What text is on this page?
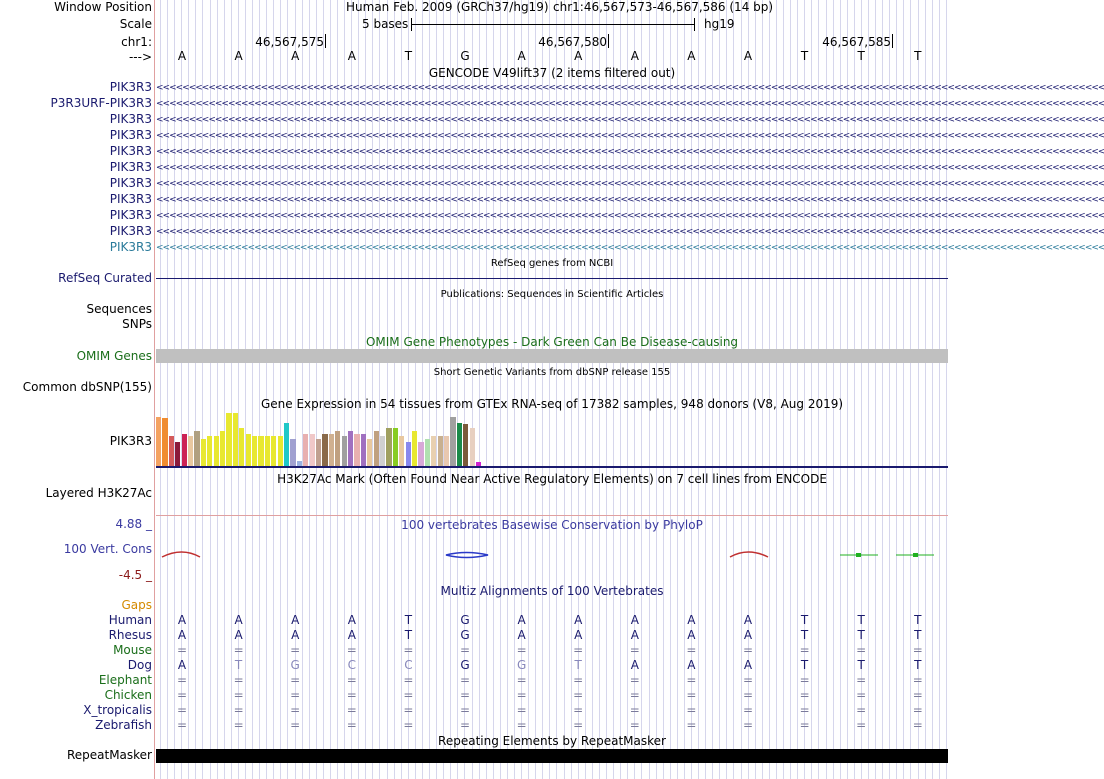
Window Position	Human Feb. 2009 (GRCh37/hg19) chr1:46,567,573-46,567,586 (14 bp)
Scale	5 bases	hg19
chr1:	46,567,575	46,567,580	46,567,585
--->	A	A	A	A	T	G	A	A	A	A	A	T	T	T
GENCODE V49lift37 (2 items filtered out)
PIK3R3 <<<<<<<<<<<<<<<<<<<<<<<<<<<<<<<<<<<<<<<<<<<<<<<<<<<<<<<<<<<<<<<<<<<<<<<<<<<<<<<<<<<<<<<<<<<<<<<<<<<<<<<<<<<<<<<<<<<<<<<<<<<<<<<<<<<<<<<<<<<<<<<<<
P3R3URF-PIK3R3 <<<<<<<<<<<<<<<<<<<<<<<<<<<<<<<<<<<<<<<<<<<<<<<<<<<<<<<<<<<<<<<<<<<<<<<<<<<<<<<<<<<<<<<<<<<<<<<<<<<<<<<<<<<<<<<<<<<<<<<<<<<<<<<<<<<<<<<<<<<<<<<<<
PIK3R3 <<<<<<<<<<<<<<<<<<<<<<<<<<<<<<<<<<<<<<<<<<<<<<<<<<<<<<<<<<<<<<<<<<<<<<<<<<<<<<<<<<<<<<<<<<<<<<<<<<<<<<<<<<<<<<<<<<<<<<<<<<<<<<<<<<<<<<<<<<<<<<<<<
PIK3R3 <<<<<<<<<<<<<<<<<<<<<<<<<<<<<<<<<<<<<<<<<<<<<<<<<<<<<<<<<<<<<<<<<<<<<<<<<<<<<<<<<<<<<<<<<<<<<<<<<<<<<<<<<<<<<<<<<<<<<<<<<<<<<<<<<<<<<<<<<<<<<<<<<
PIK3R3 <<<<<<<<<<<<<<<<<<<<<<<<<<<<<<<<<<<<<<<<<<<<<<<<<<<<<<<<<<<<<<<<<<<<<<<<<<<<<<<<<<<<<<<<<<<<<<<<<<<<<<<<<<<<<<<<<<<<<<<<<<<<<<<<<<<<<<<<<<<<<<<<<
PIK3R3 <<<<<<<<<<<<<<<<<<<<<<<<<<<<<<<<<<<<<<<<<<<<<<<<<<<<<<<<<<<<<<<<<<<<<<<<<<<<<<<<<<<<<<<<<<<<<<<<<<<<<<<<<<<<<<<<<<<<<<<<<<<<<<<<<<<<<<<<<<<<<<<<<
PIK3R3 <<<<<<<<<<<<<<<<<<<<<<<<<<<<<<<<<<<<<<<<<<<<<<<<<<<<<<<<<<<<<<<<<<<<<<<<<<<<<<<<<<<<<<<<<<<<<<<<<<<<<<<<<<<<<<<<<<<<<<<<<<<<<<<<<<<<<<<<<<<<<<<<<
PIK3R3 <<<<<<<<<<<<<<<<<<<<<<<<<<<<<<<<<<<<<<<<<<<<<<<<<<<<<<<<<<<<<<<<<<<<<<<<<<<<<<<<<<<<<<<<<<<<<<<<<<<<<<<<<<<<<<<<<<<<<<<<<<<<<<<<<<<<<<<<<<<<<<<<<
PIK3R3 <<<<<<<<<<<<<<<<<<<<<<<<<<<<<<<<<<<<<<<<<<<<<<<<<<<<<<<<<<<<<<<<<<<<<<<<<<<<<<<<<<<<<<<<<<<<<<<<<<<<<<<<<<<<<<<<<<<<<<<<<<<<<<<<<<<<<<<<<<<<<<<<<
PIK3R3 <<<<<<<<<<<<<<<<<<<<<<<<<<<<<<<<<<<<<<<<<<<<<<<<<<<<<<<<<<<<<<<<<<<<<<<<<<<<<<<<<<<<<<<<<<<<<<<<<<<<<<<<<<<<<<<<<<<<<<<<<<<<<<<<<<<<<<<<<<<<<<<<<
PIK3R3 <<<<<<<<<<<<<<<<<<<<<<<<<<<<<<<<<<<<<<<<<<<<<<<<<<<<<<<<<<<<<<<<<<<<<<<<<<<<<<<<<<<<<<<<<<<<<<<<<<<<<<<<<<<<<<<<<<<<<<<<<<<<<<<<<<<<<<<<<<<<<<<<<
RefSeq genes from NCBI
RefSeq Curated
Publications: Sequences in Scientific Articles
Sequences
SNPs
OMIM Gene Phenotypes - Dark Green Can Be Disease-causing
OMIM Genes
Short Genetic Variants from dbSNP release 155
Common dbSNP(155)
Gene Expression in 54 tissues from GTEx RNA-seq of 17382 samples, 948 donors (V8, Aug 2019)
PIK3R3
H3K27Ac Mark (Often Found Near Active Regulatory Elements) on 7 cell lines from ENCODE
Layered H3K27Ac
100 vertebrates Basewise Conservation by PhyloP
4.88 _
100 Vert. Cons
-4.5 _
Multiz Alignments of 100 Vertebrates
Gaps
Human	A	A	A	A	T	G	A	A	A	A	A	T	T	T
Rhesus	A	A	A	A	T	G	A	A	A	A	A	T	T	T
Mouse	=	=	=	=	=	=	=	=	=	=	=	=	=	=
Dog	A	T	G	C	C	G	G	T	A	A	A	T	T	T
Elephant	=	=	=	=	=	=	=	=	=	=	=	=	=	=
Chicken	=	=	=	=	=	=	=	=	=	=	=	=	=	=
X_tropicalis	=	=	=	=	=	=	=	=	=	=	=	=	=	=
Zebrafish	=	=	=	=	=	=	=	=	=	=	=	=	=	=
Repeating Elements by RepeatMasker
RepeatMasker
